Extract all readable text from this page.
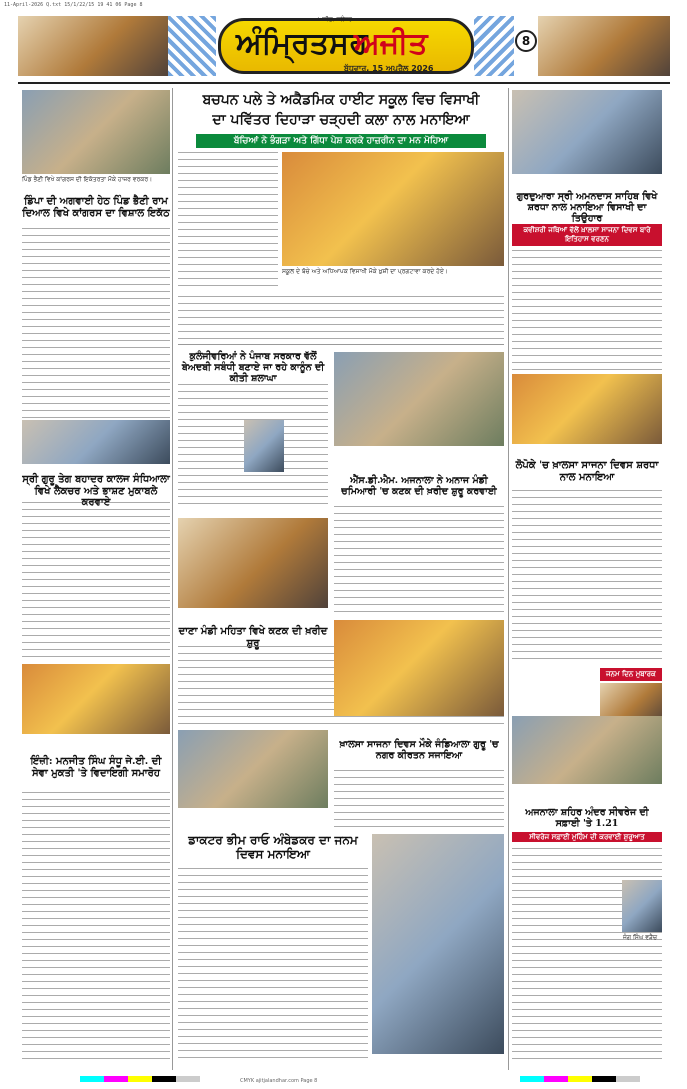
11-April-2026 Q.txt 15/1/22/15 19 41 06 Page 8
ਅਜੀਤ, ਜਲੰਧਰ
ਅੰਮ੍ਰਿਤਸਰ
ਅਜੀਤ
ਬੁੱਧਵਾਰ, 15 ਅਪ੍ਰੈਲ 2026
8
ਪਿੰਡ ਭੈਣੀ ਵਿਖੇ ਕਾਂਗਰਸ ਦੀ ਇਕੱਤਰਤਾ ਮੌਕੇ ਹਾਜ਼ਰ ਵਰਕਰ।
ਡਿੰਪਾ ਦੀ ਅਗਵਾਈ ਹੇਠ ਪਿੰਡ ਭੈਣੀ ਰਾਮ ਦਿਆਲ ਵਿਖੇ ਕਾਂਗਰਸ ਦਾ ਵਿਸ਼ਾਲ ਇਕੱਠ
ਸ੍ਰੀ ਗੁਰੂ ਤੇਗ ਬਹਾਦਰ ਕਾਲਜ ਸੰਧਿਆਲਾ ਵਿਖੇ ਲੈਕਚਰ ਅਤੇ ਭਾਸ਼ਣ ਮੁਕਾਬਲੇ ਕਰਵਾਏ
ਇੰਜ਼ੀ: ਮਨਜੀਤ ਸਿੰਘ ਸੰਧੂ ਜੇ.ਈ. ਦੀ ਸੇਵਾ ਮੁਕਤੀ 'ਤੇ ਵਿਦਾਇਗੀ ਸਮਾਰੋਹ
ਬਚਪਨ ਪਲੇ ਤੇ ਅਕੈਡਮਿਕ ਹਾਈਟ ਸਕੂਲ ਵਿਚ ਵਿਸਾਖੀ
ਦਾ ਪਵਿੱਤਰ ਦਿਹਾੜਾ ਚੜ੍ਹਦੀ ਕਲਾ ਨਾਲ ਮਨਾਇਆ
ਬੱਚਿਆਂ ਨੇ ਭੰਗੜਾ ਅਤੇ ਗਿੱਧਾ ਪੇਸ਼ ਕਰਕੇ ਹਾਜ਼ਰੀਨ ਦਾ ਮਨ ਮੋਹਿਆ
ਸਕੂਲ ਦੇ ਬੱਚੇ ਅਤੇ ਅਧਿਆਪਕ ਵਿਸਾਖੀ ਮੌਕੇ ਖ਼ੁਸ਼ੀ ਦਾ ਪ੍ਰਗਟਾਵਾ ਕਰਦੇ ਹੋਏ।
ਕੁਲੰਜੀਵਰਿਆਂ ਨੇ ਪੰਜਾਬ ਸਰਕਾਰ ਵੱਲੋਂ ਬੇਅਦਬੀ ਸਬੰਧੀ ਬਣਾਏ ਜਾ ਰਹੇ ਕਾਨੂੰਨ ਦੀ ਕੀਤੀ ਸ਼ਲਾਘਾ
ਐੱਸ.ਡੀ.ਐਮ. ਅਜਨਾਲਾ ਨੇ ਅਨਾਜ ਮੰਡੀ ਚਮਿਆਰੀ 'ਚ ਕਣਕ ਦੀ ਖ਼ਰੀਦ ਸ਼ੁਰੂ ਕਰਵਾਈ
ਦਾਣਾ ਮੰਡੀ ਮਹਿਤਾ ਵਿਖੇ ਕਣਕ ਦੀ ਖ਼ਰੀਦ ਸ਼ੁਰੂ
ਖ਼ਾਲਸਾ ਸਾਜਨਾ ਦਿਵਸ ਮੌਕੇ ਜੰਡਿਆਲਾ ਗੁਰੂ 'ਚ ਨਗਰ ਕੀਰਤਨ ਸਜਾਇਆ
ਡਾਕਟਰ ਭੀਮ ਰਾਓ ਅੰਬੇਡਕਰ ਦਾ ਜਨਮ ਦਿਵਸ ਮਨਾਇਆ
ਗੁਰਦੁਆਰਾ ਸ੍ਰੀ ਅਮਨਦਾਸ ਸਾਹਿਬ ਵਿਖੇ ਸ਼ਰਧਾ ਨਾਲ ਮਨਾਇਆ ਵਿਸਾਖੀ ਦਾ ਤਿਉਹਾਰ
ਕਵੀਸ਼ਰੀ ਜਥਿਆਂ ਵੱਲੋਂ ਖ਼ਾਲਸਾ ਸਾਜਨਾ ਦਿਵਸ ਬਾਰੇ ਇਤਿਹਾਸ ਵਰਣਨ
ਲੋਪੋਕੇ 'ਚ ਖ਼ਾਲਸਾ ਸਾਜਨਾ ਦਿਵਸ ਸ਼ਰਧਾ ਨਾਲ ਮਨਾਇਆ
ਜਨਮ ਦਿਨ ਮੁਬਾਰਕ
ਅਜਨਾਲਾ ਸ਼ਹਿਰ ਅੰਦਰ ਸੀਵਰੇਜ ਦੀ ਸਫ਼ਾਈ 'ਤੇ 1.21
ਸੀਵਰੇਜ ਸਫ਼ਾਈ ਮੁਹਿੰਮ ਦੀ ਕਰਵਾਈ ਸ਼ੁਰੂਆਤ
ਜੰਗ ਸਿੰਘ ਵੜੈਚ
CMYK ajitjalandhar.com Page 8
